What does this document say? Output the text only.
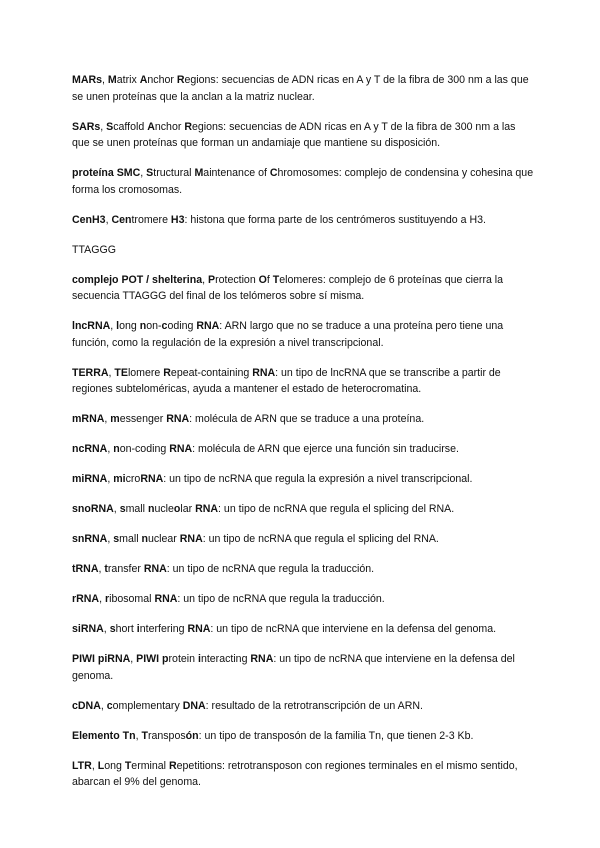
MARs, Matrix Anchor Regions: secuencias de ADN ricas en A y T de la fibra de 300 nm a las que se unen proteínas que la anclan a la matriz nuclear.

SARs, Scaffold Anchor Regions: secuencias de ADN ricas en A y T de la fibra de 300 nm a las que se unen proteínas que forman un andamiaje que mantiene su disposición.

proteína SMC, Structural Maintenance of Chromosomes: complejo de condensina y cohesina que forma los cromosomas.

CenH3, Centromere H3: histona que forma parte de los centrómeros sustituyendo a H3.

TTAGGG

complejo POT / shelterina, Protection Of Telomeres: complejo de 6 proteínas que cierra la secuencia TTAGGG del final de los telómeros sobre sí misma.

lncRNA, long non-coding RNA: ARN largo que no se traduce a una proteína pero tiene una función, como la regulación de la expresión a nivel transcripcional.

TERRA, TElomere Repeat-containing RNA: un tipo de lncRNA que se transcribe a partir de regiones subteloméricas, ayuda a mantener el estado de heterocromatina.

mRNA, messenger RNA: molécula de ARN que se traduce a una proteína.

ncRNA, non-coding RNA: molécula de ARN que ejerce una función sin traducirse.

miRNA, microRNA: un tipo de ncRNA que regula la expresión a nivel transcripcional.

snoRNA, small nucleolar RNA: un tipo de ncRNA que regula el splicing del RNA.

snRNA, small nuclear RNA: un tipo de ncRNA que regula el splicing del RNA.

tRNA, transfer RNA: un tipo de ncRNA que regula la traducción.

rRNA, ribosomal RNA: un tipo de ncRNA que regula la traducción.

siRNA, short interfering RNA: un tipo de ncRNA que interviene en la defensa del genoma.

PIWI piRNA, PIWI protein interacting RNA: un tipo de ncRNA que interviene en la defensa del genoma.

cDNA, complementary DNA: resultado de la retrotranscripción de un ARN.

Elemento Tn, Transposón: un tipo de transposón de la familia Tn, que tienen 2-3 Kb.

LTR, Long Terminal Repetitions: retrotransposon con regiones terminales en el mismo sentido, abarcan el 9% del genoma.
